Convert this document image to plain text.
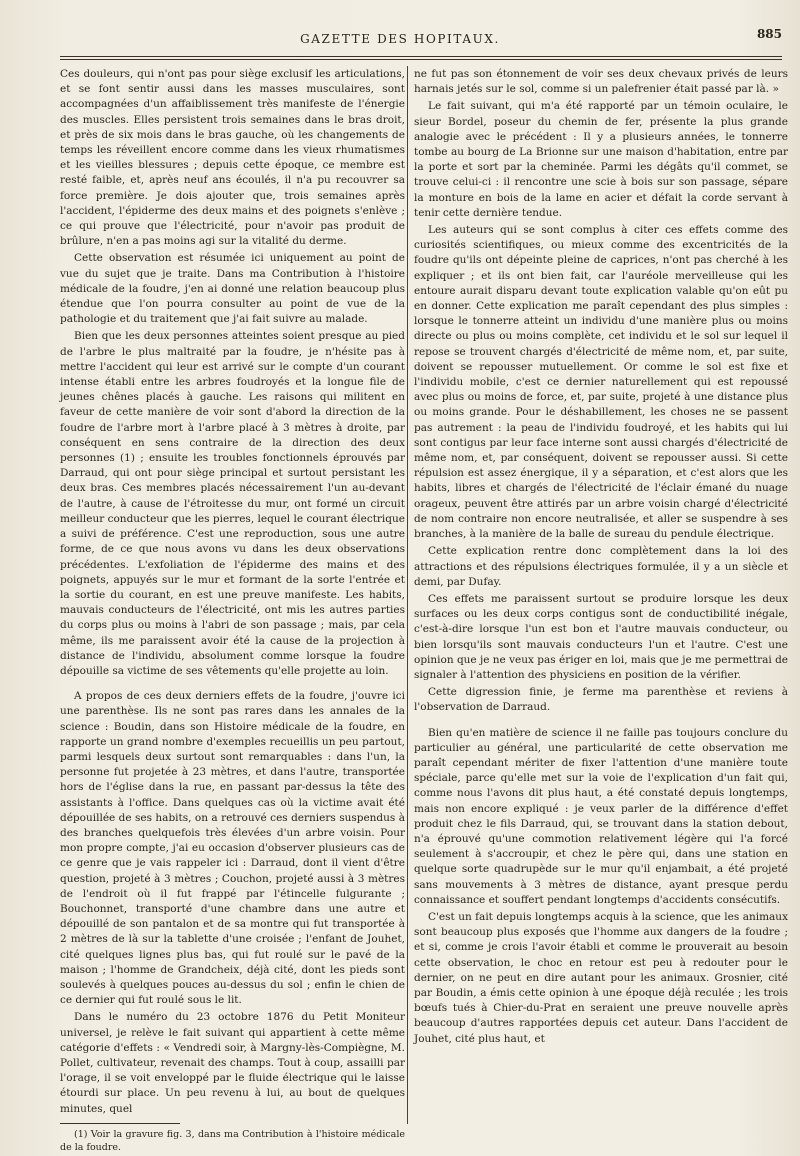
GAZETTE DES HOPITAUX.	885

Ces douleurs, qui n'ont pas pour siège exclusif les articulations, et se font sentir aussi dans les masses musculaires, sont accompagnées d'un affaiblissement très manifeste de l'énergie des muscles. Elles persistent trois semaines dans le bras droit, et près de six mois dans le bras gauche, où les changements de temps les réveillent encore comme dans les vieux rhumatismes et les vieilles blessures ; depuis cette époque, ce membre est resté faible, et, après neuf ans écoulés, il n'a pu recouvrer sa force première. Je dois ajouter que, trois semaines après l'accident, l'épiderme des deux mains et des poignets s'enlève ; ce qui prouve que l'électricité, pour n'avoir pas produit de brûlure, n'en a pas moins agi sur la vitalité du derme.

Cette observation est résumée ici uniquement au point de vue du sujet que je traite. Dans ma Contribution à l'histoire médicale de la foudre, j'en ai donné une relation beaucoup plus étendue que l'on pourra consulter au point de vue de la pathologie et du traitement que j'ai fait suivre au malade.

Bien que les deux personnes atteintes soient presque au pied de l'arbre le plus maltraité par la foudre, je n'hésite pas à mettre l'accident qui leur est arrivé sur le compte d'un courant intense établi entre les arbres foudroyés et la longue file de jeunes chênes placés à gauche. Les raisons qui militent en faveur de cette manière de voir sont d'abord la direction de la foudre de l'arbre mort à l'arbre placé à 3 mètres à droite, par conséquent en sens contraire de la direction des deux personnes (1) ; ensuite les troubles fonctionnels éprouvés par Darraud, qui ont pour siège principal et surtout persistant les deux bras. Ces membres placés nécessairement l'un au-devant de l'autre, à cause de l'étroitesse du mur, ont formé un circuit meilleur conducteur que les pierres, lequel le courant électrique a suivi de préférence. C'est une reproduction, sous une autre forme, de ce que nous avons vu dans les deux observations précédentes. L'exfoliation de l'épiderme des mains et des poignets, appuyés sur le mur et formant de la sorte l'entrée et la sortie du courant, en est une preuve manifeste. Les habits, mauvais conducteurs de l'électricité, ont mis les autres parties du corps plus ou moins à l'abri de son passage ; mais, par cela même, ils me paraissent avoir été la cause de la projection à distance de l'individu, absolument comme lorsque la foudre dépouille sa victime de ses vêtements qu'elle projette au loin.

A propos de ces deux derniers effets de la foudre, j'ouvre ici une parenthèse. Ils ne sont pas rares dans les annales de la science : Boudin, dans son Histoire médicale de la foudre, en rapporte un grand nombre d'exemples recueillis un peu partout, parmi lesquels deux surtout sont remarquables : dans l'un, la personne fut projetée à 23 mètres, et dans l'autre, transportée hors de l'église dans la rue, en passant par-dessus la tête des assistants à l'office. Dans quelques cas où la victime avait été dépouillée de ses habits, on a retrouvé ces derniers suspendus à des branches quelquefois très élevées d'un arbre voisin. Pour mon propre compte, j'ai eu occasion d'observer plusieurs cas de ce genre que je vais rappeler ici : Darraud, dont il vient d'être question, projeté à 3 mètres ; Couchon, projeté aussi à 3 mètres de l'endroit où il fut frappé par l'étincelle fulgurante ; Bouchonnet, transporté d'une chambre dans une autre et dépouillé de son pantalon et de sa montre qui fut transportée à 2 mètres de là sur la tablette d'une croisée ; l'enfant de Jouhet, cité quelques lignes plus bas, qui fut roulé sur le pavé de la maison ; l'homme de Grandcheix, déjà cité, dont les pieds sont soulevés à quelques pouces au-dessus du sol ; enfin le chien de ce dernier qui fut roulé sous le lit.

Dans le numéro du 23 octobre 1876 du Petit Moniteur universel, je relève le fait suivant qui appartient à cette même catégorie d'effets : « Vendredi soir, à Margny-lès-Compiègne, M. Pollet, cultivateur, revenait des champs. Tout à coup, assailli par l'orage, il se voit enveloppé par le fluide électrique qui le laisse étourdi sur place. Un peu revenu à lui, au bout de quelques minutes, quel

(1) Voir la gravure fig. 3, dans ma Contribution à l'histoire médicale de la foudre.

ne fut pas son étonnement de voir ses deux chevaux privés de leurs harnais jetés sur le sol, comme si un palefrenier était passé par là. »

Le fait suivant, qui m'a été rapporté par un témoin oculaire, le sieur Bordel, poseur du chemin de fer, présente la plus grande analogie avec le précédent : Il y a plusieurs années, le tonnerre tombe au bourg de La Brionne sur une maison d'habitation, entre par la porte et sort par la cheminée. Parmi les dégâts qu'il commet, se trouve celui-ci : il rencontre une scie à bois sur son passage, sépare la monture en bois de la lame en acier et défait la corde servant à tenir cette dernière tendue.

Les auteurs qui se sont complus à citer ces effets comme des curiosités scientifiques, ou mieux comme des excentricités de la foudre qu'ils ont dépeinte pleine de caprices, n'ont pas cherché à les expliquer ; et ils ont bien fait, car l'auréole merveilleuse qui les entoure aurait disparu devant toute explication valable qu'on eût pu en donner. Cette explication me paraît cependant des plus simples : lorsque le tonnerre atteint un individu d'une manière plus ou moins directe ou plus ou moins complète, cet individu et le sol sur lequel il repose se trouvent chargés d'électricité de même nom, et, par suite, doivent se repousser mutuellement. Or comme le sol est fixe et l'individu mobile, c'est ce dernier naturellement qui est repoussé avec plus ou moins de force, et, par suite, projeté à une distance plus ou moins grande. Pour le déshabillement, les choses ne se passent pas autrement : la peau de l'individu foudroyé, et les habits qui lui sont contigus par leur face interne sont aussi chargés d'électricité de même nom, et, par conséquent, doivent se repousser aussi. Si cette répulsion est assez énergique, il y a séparation, et c'est alors que les habits, libres et chargés de l'électricité de l'éclair émané du nuage orageux, peuvent être attirés par un arbre voisin chargé d'électricité de nom contraire non encore neutralisée, et aller se suspendre à ses branches, à la manière de la balle de sureau du pendule électrique.

Cette explication rentre donc complètement dans la loi des attractions et des répulsions électriques formulée, il y a un siècle et demi, par Dufay.

Ces effets me paraissent surtout se produire lorsque les deux surfaces ou les deux corps contigus sont de conductibilité inégale, c'est-à-dire lorsque l'un est bon et l'autre mauvais conducteur, ou bien lorsqu'ils sont mauvais conducteurs l'un et l'autre. C'est une opinion que je ne veux pas ériger en loi, mais que je me permettrai de signaler à l'attention des physiciens en position de la vérifier.

Cette digression finie, je ferme ma parenthèse et reviens à l'observation de Darraud.

Bien qu'en matière de science il ne faille pas toujours conclure du particulier au général, une particularité de cette observation me paraît cependant mériter de fixer l'attention d'une manière toute spéciale, parce qu'elle met sur la voie de l'explication d'un fait qui, comme nous l'avons dit plus haut, a été constaté depuis longtemps, mais non encore expliqué : je veux parler de la différence d'effet produit chez le fils Darraud, qui, se trouvant dans la station debout, n'a éprouvé qu'une commotion relativement légère qui l'a forcé seulement à s'accroupir, et chez le père qui, dans une station en quelque sorte quadrupède sur le mur qu'il enjambait, a été projeté sans mouvements à 3 mètres de distance, ayant presque perdu connaissance et souffert pendant longtemps d'accidents consécutifs.

C'est un fait depuis longtemps acquis à la science, que les animaux sont beaucoup plus exposés que l'homme aux dangers de la foudre ; et si, comme je crois l'avoir établi et comme le prouverait au besoin cette observation, le choc en retour est peu à redouter pour le dernier, on ne peut en dire autant pour les animaux. Grosnier, cité par Boudin, a émis cette opinion à une époque déjà reculée ; les trois bœufs tués à Chier-du-Prat en seraient une preuve nouvelle après beaucoup d'autres rapportées depuis cet auteur. Dans l'accident de Jouhet, cité plus haut, et
